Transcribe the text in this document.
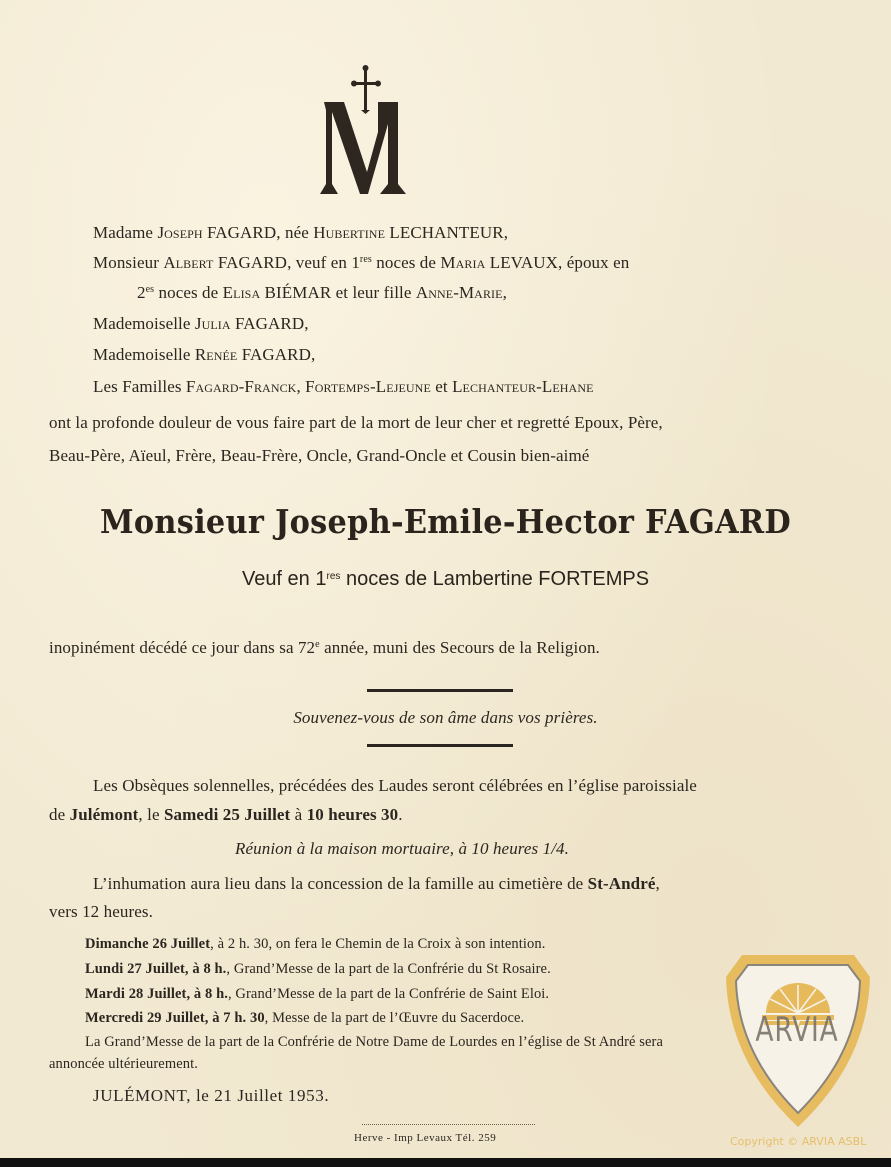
Madame Joseph FAGARD, née Hubertine LECHANTEUR,
Monsieur Albert FAGARD, veuf en 1res noces de Maria LEVAUX, époux en
$2^{es}$ noces de Elisa BIÉMAR et leur fille Anne-Marie,
Mademoiselle Julia FAGARD,
Mademoiselle Renée FAGARD,
Les Familles Fagard-Franck, Fortemps-Lejeune et Lechanteur-Lehane
ont la profonde douleur de vous faire part de la mort de leur cher et regretté Epoux, Père,
Beau-Père, Aïeul, Frère, Beau-Frère, Oncle, Grand-Oncle et Cousin bien-aimé
Monsieur Joseph-Emile-Hector FAGARD
Veuf en 1res noces de Lambertine FORTEMPS
inopinément décédé ce jour dans sa 72e année, muni des Secours de la Religion.
Souvenez-vous de son âme dans vos prières.
Les Obsèques solennelles, précédées des Laudes seront célébrées en l’église paroissiale
de Julémont, le Samedi 25 Juillet à 10 heures 30.
Réunion à la maison mortuaire, à 10 heures 1/4.
L’inhumation aura lieu dans la concession de la famille au cimetière de St-André,
vers 12 heures.
Dimanche 26 Juillet, à 2 h. 30, on fera le Chemin de la Croix à son intention.
Lundi 27 Juillet, à 8 h., Grand’Messe de la part de la Confrérie du St Rosaire.
Mardi 28 Juillet, à 8 h., Grand’Messe de la part de la Confrérie de Saint Eloi.
Mercredi 29 Juillet, à 7 h. 30, Messe de la part de l’Œuvre du Sacerdoce.
La Grand’Messe de la part de la Confrérie de Notre Dame de Lourdes en l’église de St André sera
annoncée ultérieurement.
JULÉMONT, le 21 Juillet 1953.
Herve - Imp Levaux Tél. 259
ARVIA
Copyright © ARVIA ASBL
